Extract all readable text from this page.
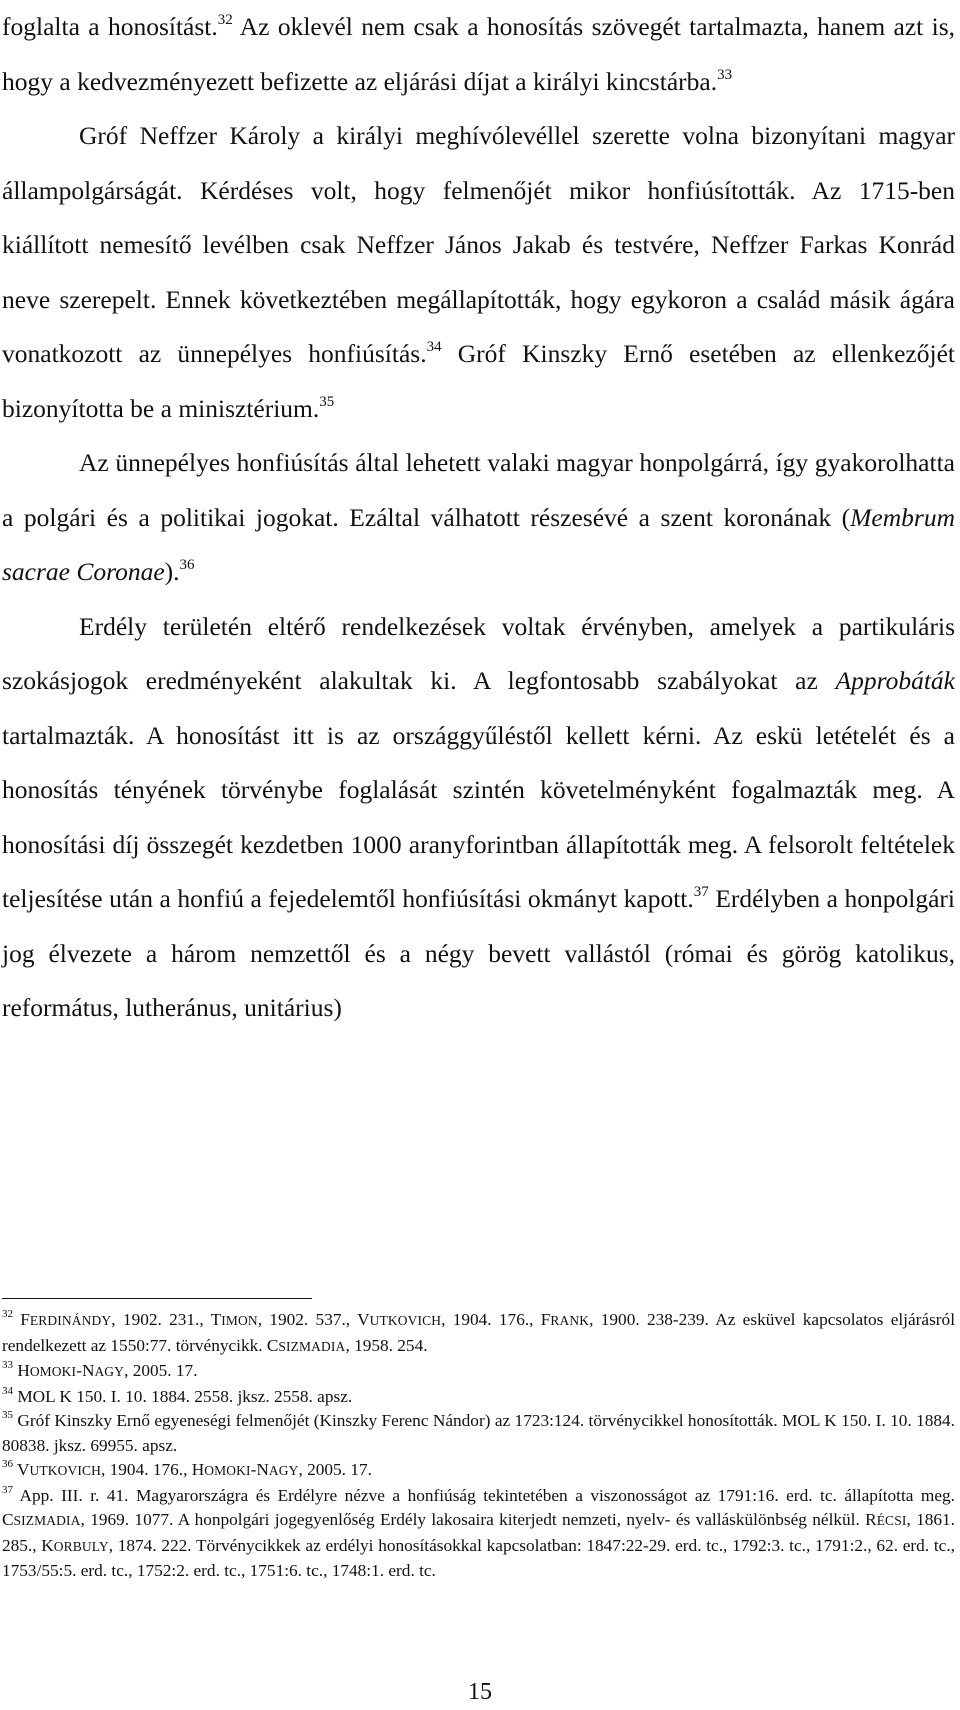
foglalta a honosítást.$^{32}$ Az oklevél nem csak a honosítás szövegét tartalmazta, hanem azt is, hogy a kedvezményezett befizette az eljárási díjat a királyi kincstárba.$^{33}$

Gróf Neffzer Károly a királyi meghívólevéllel szerette volna bizonyítani magyar állampolgárságát. Kérdéses volt, hogy felmenőjét mikor honfiúsították. Az 1715-ben kiállított nemesítő levélben csak Neffzer János Jakab és testvére, Neffzer Farkas Konrád neve szerepelt. Ennek következtében megállapították, hogy egykoron a család másik ágára vonatkozott az ünnepélyes honfiúsítás.$^{34}$ Gróf Kinszky Ernő esetében az ellenkezőjét bizonyította be a minisztérium.$^{35}$

Az ünnepélyes honfiúsítás által lehetett valaki magyar honpolgárrá, így gyakorolhatta a polgári és a politikai jogokat. Ezáltal válhatott részesévé a szent koronának (Membrum sacrae Coronae).$^{36}$

Erdély területén eltérő rendelkezések voltak érvényben, amelyek a partikuláris szokásjogok eredményeként alakultak ki. A legfontosabb szabályokat az Approbáták tartalmazták. A honosítást itt is az országgyűléstől kellett kérni. Az eskü letételét és a honosítás tényének törvénybe foglalását szintén követelményként fogalmazták meg. A honosítási díj összegét kezdetben 1000 aranyforintban állapították meg. A felsorolt feltételek teljesítése után a honfiú a fejedelemtől honfiúsítási okmányt kapott.$^{37}$ Erdélyben a honpolgári jog élvezete a három nemzettől és a négy bevett vallástól (római és görög katolikus, református, lutheránus, unitárius)

$^{32}$ FERDINÁNDY, 1902. 231., TIMON, 1902. 537., VUTKOVICH, 1904. 176., FRANK, 1900. 238-239. Az esküvel kapcsolatos eljárásról rendelkezett az 1550:77. törvénycikk. CSIZMADIA, 1958. 254.

$^{33}$ HOMOKI-NAGY, 2005. 17.

$^{34}$ MOL K 150. I. 10. 1884. 2558. jksz. 2558. apsz.

$^{35}$ Gróf Kinszky Ernő egyeneségi felmenőjét (Kinszky Ferenc Nándor) az 1723:124. törvénycikkel honosították. MOL K 150. I. 10. 1884. 80838. jksz. 69955. apsz.

$^{36}$ VUTKOVICH, 1904. 176., HOMOKI-NAGY, 2005. 17.

$^{37}$ App. III. r. 41. Magyarországra és Erdélyre nézve a honfiúság tekintetében a viszonosságot az 1791:16. erd. tc. állapította meg. CSIZMADIA, 1969. 1077. A honpolgári jogegyenlőség Erdély lakosaira kiterjedt nemzeti, nyelv- és valláskülönbség nélkül. RÉCSI, 1861. 285., KORBULY, 1874. 222. Törvénycikkek az erdélyi honosításokkal kapcsolatban: 1847:22-29. erd. tc., 1792:3. tc., 1791:2., 62. erd. tc., 1753/55:5. erd. tc., 1752:2. erd. tc., 1751:6. tc., 1748:1. erd. tc.

15
